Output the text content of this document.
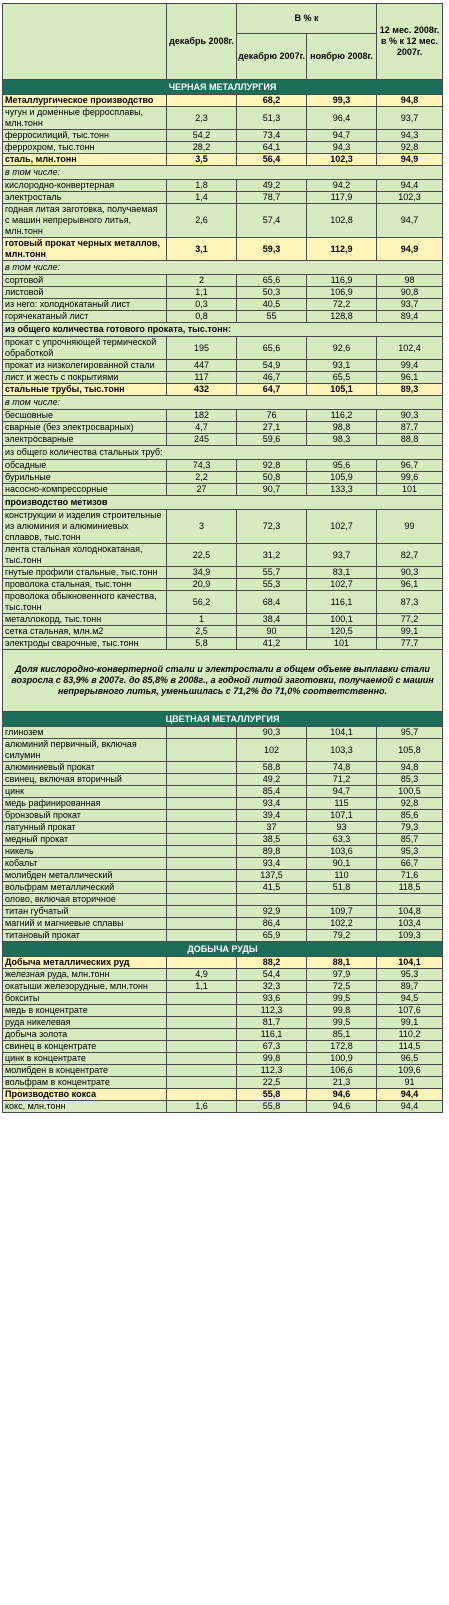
	декабрь 2008г.	В % к		12 мес. 2008г. в % к 12 мес. 2007г.
		декабрю 2007г.	ноябрю 2008г.	
ЧЕРНАЯ МЕТАЛЛУРГИЯ				
Металлургическое производство		68,2	99,3	94,8
чугун и доменные ферросплавы, млн.тонн	2,3	51,3	96,4	93,7
ферросилиций, тыс.тонн	54,2	73,4	94,7	94,3
феррохром, тыс.тонн	28,2	64,1	94,3	92,8
сталь, млн.тонн	3,5	56,4	102,3	94,9
в том числе:				
кислородно-конвертерная	1,8	49,2	94,2	94,4
электросталь	1,4	78,7	117,9	102,3
годная литая заготовка, получаемая с машин непрерывного литья, млн.тонн	2,6	57,4	102,8	94,7
готовый прокат черных металлов, млн.тонн	3,1	59,3	112,9	94,9
в том числе:				
сортовой	2	65,6	116,9	98
листовой	1,1	50,3	106,9	90,8
из него: холоднокатаный лист	0,3	40,5	72,2	93,7
горячекатаный лист	0,8	55	128,8	89,4
из общего количества готового проката, тыс.тонн:				
прокат с упрочняющей термической обработкой	195	65,6	92,6	102,4
прокат из низколегированной стали	447	54,9	93,1	99,4
лист и жесть с покрытиями	117	46,7	65,5	96,1
стальные трубы, тыс.тонн	432	64,7	105,1	89,3
в том числе:				
бесшовные	182	76	116,2	90,3
сварные (без электросварных)	4,7	27,1	98,8	87,7
электросварные	245	59,6	98,3	88,8
из общего количества стальных труб:				
обсадные	74,3	92,8	95,6	96,7
бурильные	2,2	50,8	105,9	99,6
насосно-компрессорные	27	90,7	133,3	101
производство метизов				
конструкции и изделия строительные из алюминия и алюминиевых сплавов, тыс.тонн	3	72,3	102,7	99
лента стальная холоднокатаная, тыс.тонн	22,5	31,2	93,7	82,7
гнутые профили стальные, тыс.тонн	34,9	55,7	83,1	90,3
проволока стальная, тыс.тонн	20,9	55,3	102,7	96,1
проволока обыкновенного качества, тыс.тонн	56,2	68,4	116,1	87,3
металлокорд, тыс.тонн	1	38,4	100,1	77,2
сетка стальная, млн.м2	2,5	90	120,5	99,1
электроды сварочные, тыс.тонн	5,8	41,2	101	77,7
Доля кислородно-конвертерной стали и электростали в общем объеме выплавки стали возросла с 83,9% в 2007г. до 85,8% в 2008г., а годной литой заготовки, получаемой с машин непрерывного литья, уменьшилась с 71,2% до 71,0% соответственно.				
ЦВЕТНАЯ МЕТАЛЛУРГИЯ				
глинозем		90,3	104,1	95,7
алюминий первичный, включая силумин		102	103,3	105,8
алюминиевый прокат		58,8	74,8	94,8
свинец, включая вторичный		49,2	71,2	85,3
цинк		85,4	94,7	100,5
медь рафинированная		93,4	115	92,8
бронзовый прокат		39,4	107,1	85,6
латунный прокат		37	93	79,3
медный прокат		38,5	63,3	85,7
никель		89,8	103,6	95,3
кобальт		93,4	90,1	66,7
молибден металлический		137,5	110	71,6
вольфрам металлический		41,5	51,8	118,5
олово, включая вторичное				
титан губчатый		92,9	109,7	104,8
магний и магниевые сплавы		86,4	102,2	103,4
титановый прокат		65,9	79,2	109,3
ДОБЫЧА РУДЫ				
Добыча металлических руд		88,2	88,1	104,1
железная руда, млн.тонн	4,9	54,4	97,9	95,3
окатыши железорудные, млн.тонн	1,1	32,3	72,5	89,7
бокситы		93,6	99,5	94,5
медь в концентрате		112,3	99,8	107,6
руда никелевая		81,7	99,5	99,1
добыча золота		116,1	85,1	110,2
свинец в концентрате		67,3	172,8	114,5
цинк в концентрате		99,8	100,9	96,5
молибден в концентрате		112,3	106,6	109,6
вольфрам в концентрате		22,5	21,3	91
Производство кокса		55,8	94,6	94,4
кокс, млн.тонн	1,6	55,8	94,6	94,4
